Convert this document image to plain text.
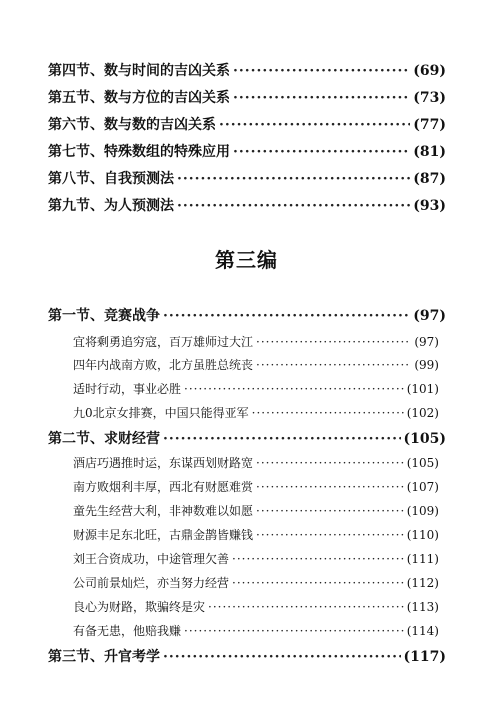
第四节、数与时间的吉凶关系 ·····	(69)
第五节、数与方位的吉凶关系 ·····	(73)
第六节、数与数的吉凶关系 ·····	(77)
第七节、特殊数组的特殊应用 ·····	(81)
第八节、自我预测法 ·····	(87)
第九节、为人预测法 ·····	(93)
第三编
第一节、竞赛战争 ·····	(97)
宜将剩勇追穷寇，百万雄师过大江 ·····	(97)
四年内战南方败，北方虽胜总统丧 ·····	(99)
适时行动，事业必胜 ·····	(101)
九0北京女排赛，中国只能得亚军 ·····	(102)
第二节、求财经营 ·····	(105)
酒店巧遇推时运，东谋西划财路宽 ·····	(105)
南方败烟利丰厚，西北有财愿难赏 ·····	(107)
童先生经营大利，非神数难以如愿 ·····	(109)
财源丰足东北旺，古鼎金鹊皆赚钱 ·····	(110)
刘王合资成功，中途管理欠善 ·····	(111)
公司前景灿烂，亦当努力经营 ·····	(112)
良心为财路，欺骗终是灾 ·····	(113)
有备无患，他赔我赚 ·····	(114)
第三节、升官考学 ·····	(117)
